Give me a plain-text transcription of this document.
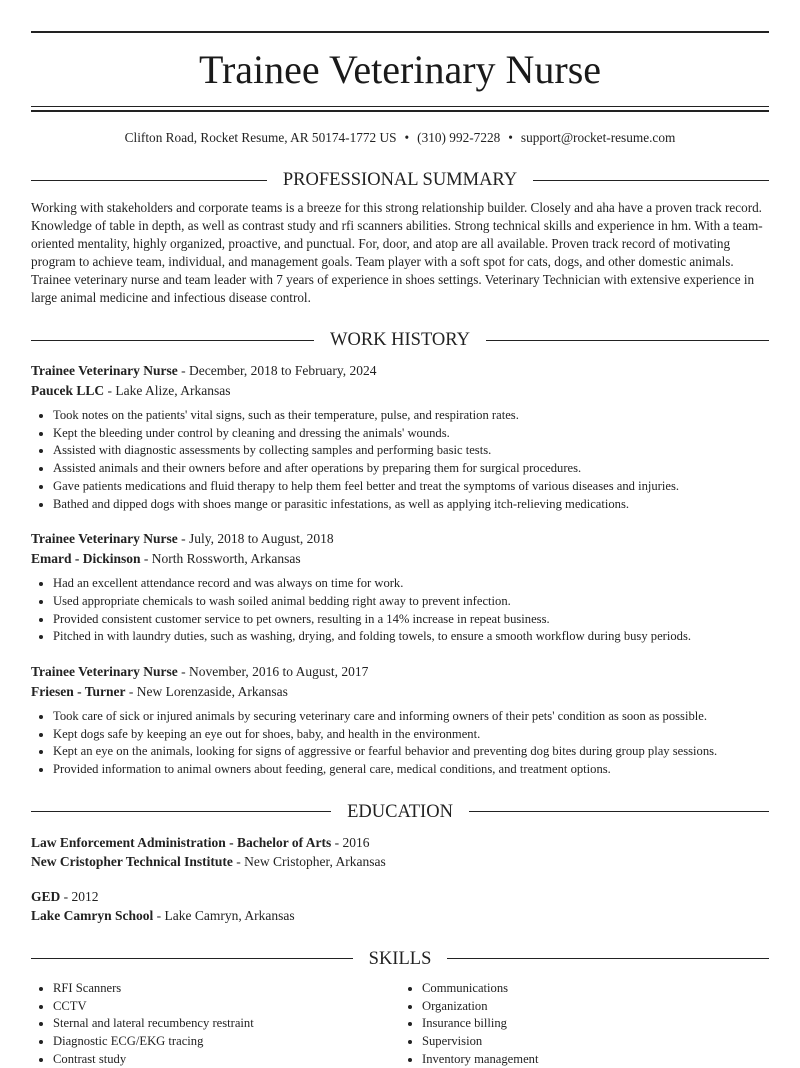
Trainee Veterinary Nurse
Clifton Road, Rocket Resume, AR 50174-1772 US • (310) 992-7228 • support@rocket-resume.com
PROFESSIONAL SUMMARY
Working with stakeholders and corporate teams is a breeze for this strong relationship builder. Closely and aha have a proven track record. Knowledge of table in depth, as well as contrast study and rfi scanners abilities. Strong technical skills and experience in hm. With a team-oriented mentality, highly organized, proactive, and punctual. For, door, and atop are all available. Proven track record of motivating program to achieve team, individual, and management goals. Team player with a soft spot for cats, dogs, and other domestic animals. Trainee veterinary nurse and team leader with 7 years of experience in shoes settings. Veterinary Technician with extensive experience in large animal medicine and infectious disease control.
WORK HISTORY
Trainee Veterinary Nurse - December, 2018 to February, 2024
Paucek LLC - Lake Alize, Arkansas
• Took notes on the patients' vital signs, such as their temperature, pulse, and respiration rates.
• Kept the bleeding under control by cleaning and dressing the animals' wounds.
• Assisted with diagnostic assessments by collecting samples and performing basic tests.
• Assisted animals and their owners before and after operations by preparing them for surgical procedures.
• Gave patients medications and fluid therapy to help them feel better and treat the symptoms of various diseases and injuries.
• Bathed and dipped dogs with shoes mange or parasitic infestations, as well as applying itch-relieving medications.
Trainee Veterinary Nurse - July, 2018 to August, 2018
Emard - Dickinson - North Rossworth, Arkansas
• Had an excellent attendance record and was always on time for work.
• Used appropriate chemicals to wash soiled animal bedding right away to prevent infection.
• Provided consistent customer service to pet owners, resulting in a 14% increase in repeat business.
• Pitched in with laundry duties, such as washing, drying, and folding towels, to ensure a smooth workflow during busy periods.
Trainee Veterinary Nurse - November, 2016 to August, 2017
Friesen - Turner - New Lorenzaside, Arkansas
• Took care of sick or injured animals by securing veterinary care and informing owners of their pets' condition as soon as possible.
• Kept dogs safe by keeping an eye out for shoes, baby, and health in the environment.
• Kept an eye on the animals, looking for signs of aggressive or fearful behavior and preventing dog bites during group play sessions.
• Provided information to animal owners about feeding, general care, medical conditions, and treatment options.
EDUCATION
Law Enforcement Administration - Bachelor of Arts - 2016
New Cristopher Technical Institute - New Cristopher, Arkansas
GED - 2012
Lake Camryn School - Lake Camryn, Arkansas
SKILLS
• RFI Scanners
• CCTV
• Sternal and lateral recumbency restraint
• Diagnostic ECG/EKG tracing
• Contrast study
• Communications
• Organization
• Insurance billing
• Supervision
• Inventory management
